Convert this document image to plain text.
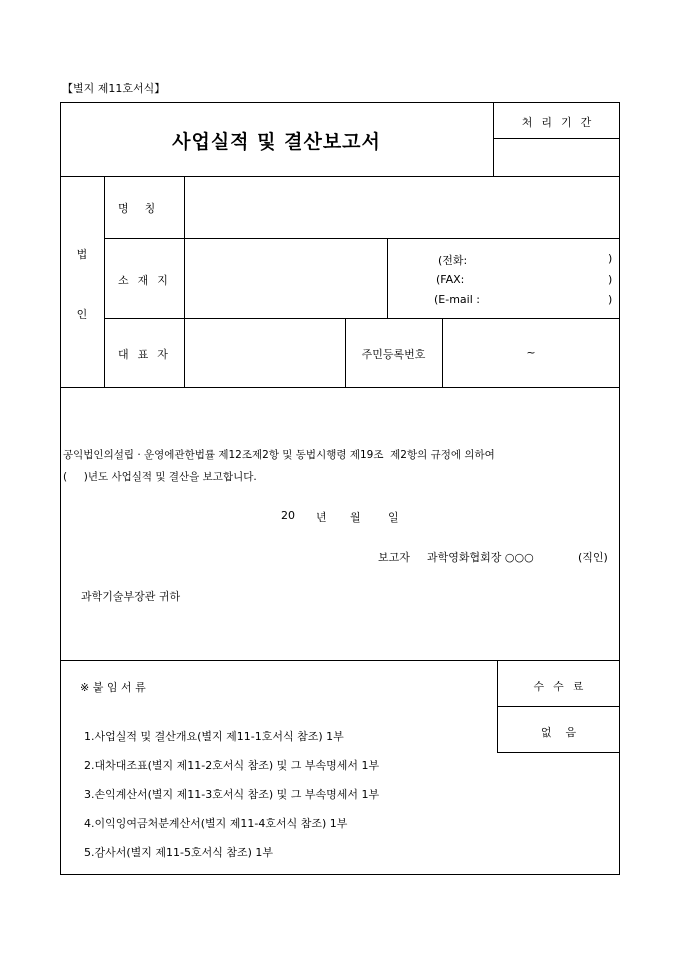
【별지 제11호서식】
사업실적 및 결산보고서
처리기간
법
인
명  칭
소재지
(전화:	)
(FAX:	)
(E-mail :	)
대표자	주민등록번호	~
공익법인의설립 · 운영에관한법률 제12조제2항 및 동법시행령 제19조  제2항의 규정에 의하여
(     )년도 사업실적 및 결산을 보고합니다.
20 년 월 일
보고자 과학영화협회장 ○○○	(직인)
과학기술부장관 귀하
※ 붙 임 서 류
1.사업실적 및 결산개요(별지 제11-1호서식 참조) 1부
2.대차대조표(별지 제11-2호서식 참조) 및 그 부속명세서 1부
3.손익계산서(별지 제11-3호서식 참조) 및 그 부속명세서 1부
4.이익잉여금처분계산서(별지 제11-4호서식 참조) 1부
5.감사서(별지 제11-5호서식 참조) 1부
수수료
없    음
